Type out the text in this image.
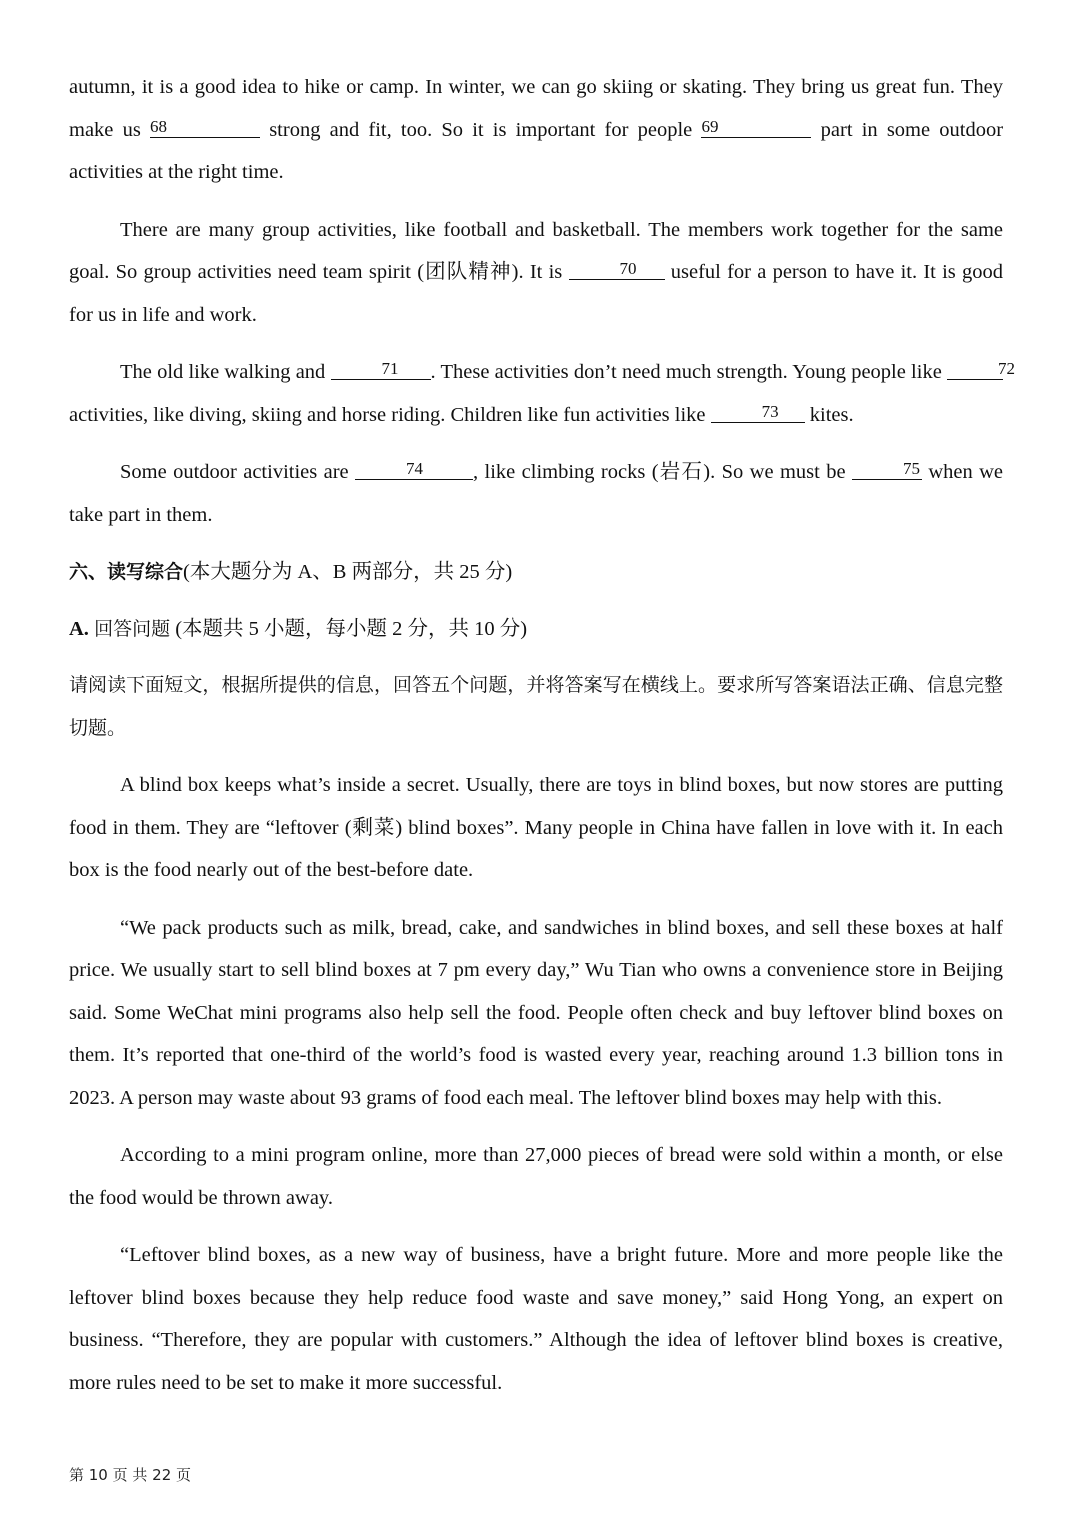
autumn, it is a good idea to hike or camp. In winter, we can go skiing or skating. They bring us great fun. They make us 68	strong and fit, too. So it is important for people 69	part in some outdoor activities at the right time.

There are many group activities, like football and basketball. The members work together for the same goal. So group activities need team spirit (团队精神). It is	70 useful for a person to have it. It is good for us in life and work.

The old like walking and	71 . These activities don’t need much strength. Young people like	72 activities, like diving, skiing and horse riding. Children like fun activities like	73 kites.

Some outdoor activities are	74 , like climbing rocks (岩石). So we must be	75 when we take part in them.

六、读写综合(本大题分为 A、B 两部分，共 25 分)
A. 回答问题 (本题共 5 小题，每小题 2 分，共 10 分)

请阅读下面短文，根据所提供的信息，回答五个问题，并将答案写在横线上。要求所写答案语法正确、信息完整切题。

A blind box keeps what’s inside a secret. Usually, there are toys in blind boxes, but now stores are putting food in them. They are “leftover (剩菜) blind boxes”. Many people in China have fallen in love with it. In each box is the food nearly out of the best-before date.

“We pack products such as milk, bread, cake, and sandwiches in blind boxes, and sell these boxes at half price. We usually start to sell blind boxes at 7 pm every day,” Wu Tian who owns a convenience store in Beijing said. Some WeChat mini programs also help sell the food. People often check and buy leftover blind boxes on them. It’s reported that one-third of the world’s food is wasted every year, reaching around 1.3 billion tons in 2023. A person may waste about 93 grams of food each meal. The leftover blind boxes may help with this.

According to a mini program online, more than 27,000 pieces of bread were sold within a month, or else the food would be thrown away.

“Leftover blind boxes, as a new way of business, have a bright future. More and more people like the leftover blind boxes because they help reduce food waste and save money,” said Hong Yong, an expert on business. “Therefore, they are popular with customers.” Although the idea of leftover blind boxes is creative, more rules need to be set to make it more successful.

第 10 页 共 22 页
